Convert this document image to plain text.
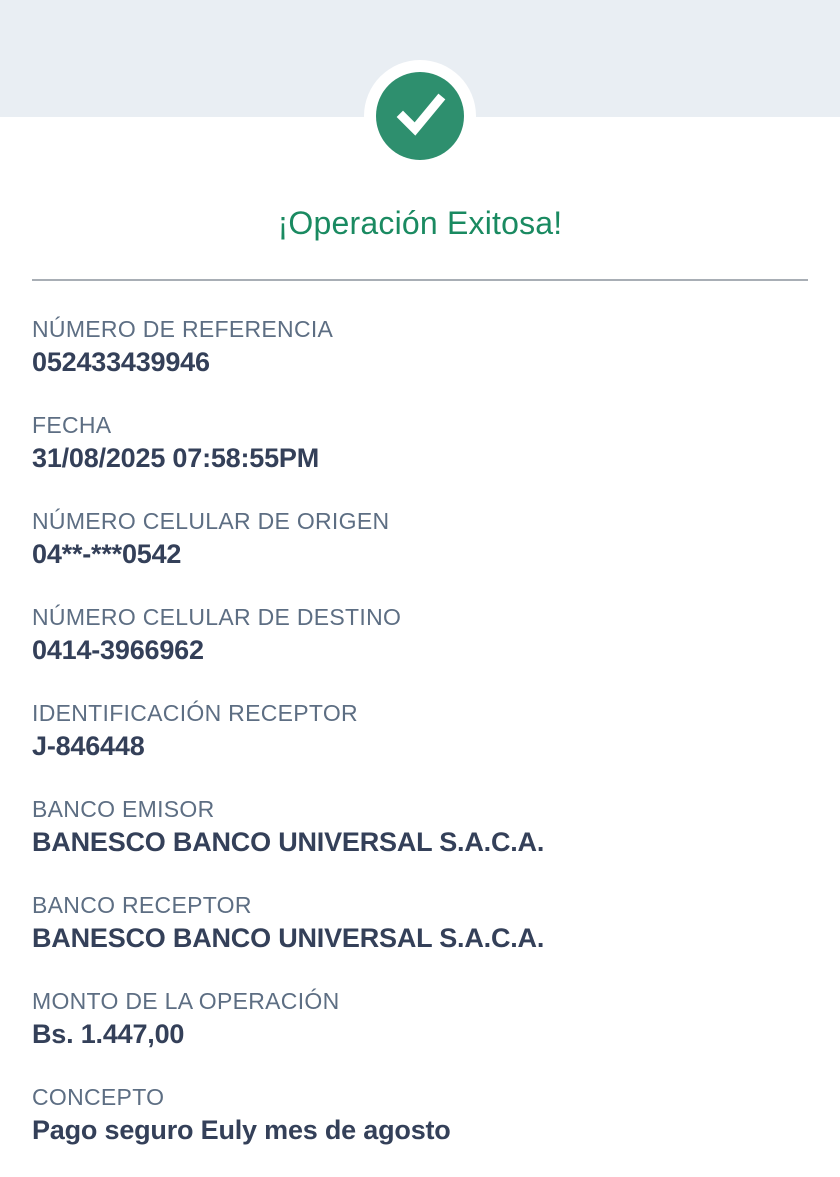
¡Operación Exitosa!
NÚMERO DE REFERENCIA
052433439946
FECHA
31/08/2025 07:58:55PM
NÚMERO CELULAR DE ORIGEN
04**-***0542
NÚMERO CELULAR DE DESTINO
0414-3966962
IDENTIFICACIÓN RECEPTOR
J-846448
BANCO EMISOR
BANESCO BANCO UNIVERSAL S.A.C.A.
BANCO RECEPTOR
BANESCO BANCO UNIVERSAL S.A.C.A.
MONTO DE LA OPERACIÓN
Bs. 1.447,00
CONCEPTO
Pago seguro Euly mes de agosto
